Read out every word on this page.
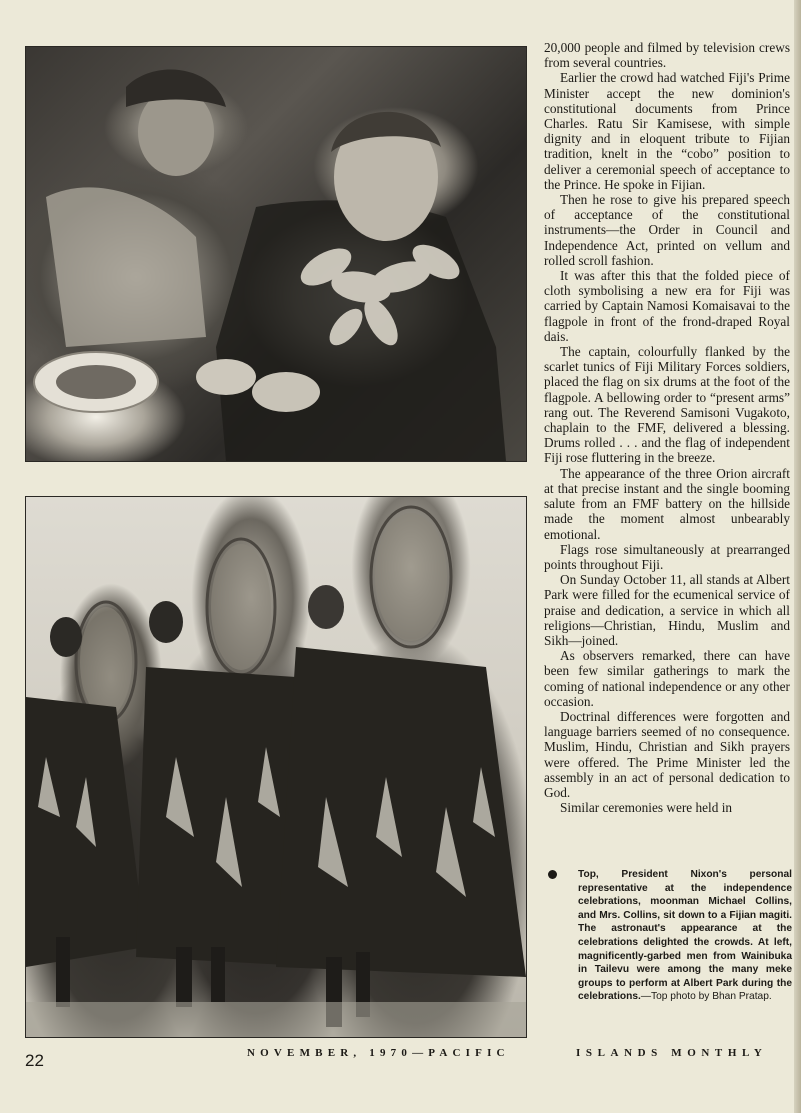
20,000 people and filmed by television crews from several countries.

Earlier the crowd had watched Fiji's Prime Minister accept the new dominion's constitutional documents from Prince Charles. Ratu Sir Kamisese, with simple dignity and in eloquent tribute to Fijian tradition, knelt in the “cobo” position to deliver a ceremonial speech of acceptance to the Prince. He spoke in Fijian.

Then he rose to give his prepared speech of acceptance of the constitutional instruments—the Order in Council and Independence Act, printed on vellum and rolled scroll fashion.

It was after this that the folded piece of cloth symbolising a new era for Fiji was carried by Captain Namosi Komaisavai to the flagpole in front of the frond-draped Royal dais.

The captain, colourfully flanked by the scarlet tunics of Fiji Military Forces soldiers, placed the flag on six drums at the foot of the flagpole. A bellowing order to “present arms” rang out. The Reverend Samisoni Vugakoto, chaplain to the FMF, delivered a blessing. Drums rolled . . . and the flag of independent Fiji rose fluttering in the breeze.

The appearance of the three Orion aircraft at that precise instant and the single booming salute from an FMF battery on the hillside made the moment almost unbearably emotional.

Flags rose simultaneously at prearranged points throughout Fiji.

On Sunday October 11, all stands at Albert Park were filled for the ecumenical service of praise and dedication, a service in which all religions—Christian, Hindu, Muslim and Sikh—joined.

As observers remarked, there can have been few similar gatherings to mark the coming of national independence or any other occasion.

Doctrinal differences were forgotten and language barriers seemed of no consequence. Muslim, Hindu, Christian and Sikh prayers were offered. The Prime Minister led the assembly in an act of personal dedication to God.

Similar ceremonies were held in

Top, President Nixon's personal representative at the independence celebrations, moonman Michael Collins, and Mrs. Collins, sit down to a Fijian magiti. The astronaut's appearance at the celebrations delighted the crowds. At left, magnificently-garbed men from Wainibuka in Tailevu were among the many meke groups to perform at Albert Park during the celebrations.—Top photo by Bhan Pratap.
22	NOVEMBER, 1970—PACIFIC	ISLANDS MONTHLY
